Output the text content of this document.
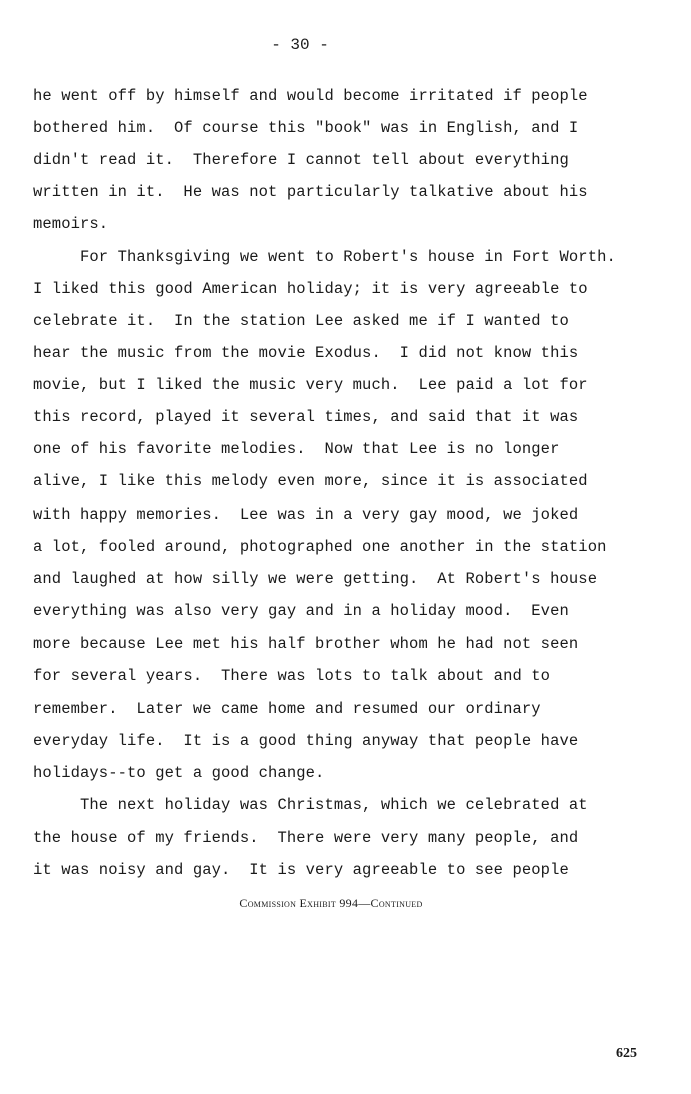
- 30 -
he went off by himself and would become irritated if people
bothered him.  Of course this "book" was in English, and I
didn't read it.  Therefore I cannot tell about everything
written in it.  He was not particularly talkative about his
memoirs.
For Thanksgiving we went to Robert's house in Fort Worth.
I liked this good American holiday; it is very agreeable to
celebrate it.  In the station Lee asked me if I wanted to
hear the music from the movie Exodus.  I did not know this
movie, but I liked the music very much.  Lee paid a lot for
this record, played it several times, and said that it was
one of his favorite melodies.  Now that Lee is no longer
alive, I like this melody even more, since it is associated
with happy memories.  Lee was in a very gay mood, we joked
a lot, fooled around, photographed one another in the station
and laughed at how silly we were getting.  At Robert's house
everything was also very gay and in a holiday mood.  Even
more because Lee met his half brother whom he had not seen
for several years.  There was lots to talk about and to
remember.  Later we came home and resumed our ordinary
everyday life.  It is a good thing anyway that people have
holidays--to get a good change.
The next holiday was Christmas, which we celebrated at
the house of my friends.  There were very many people, and
it was noisy and gay.  It is very agreeable to see people
Commission Exhibit 994—Continued
625
